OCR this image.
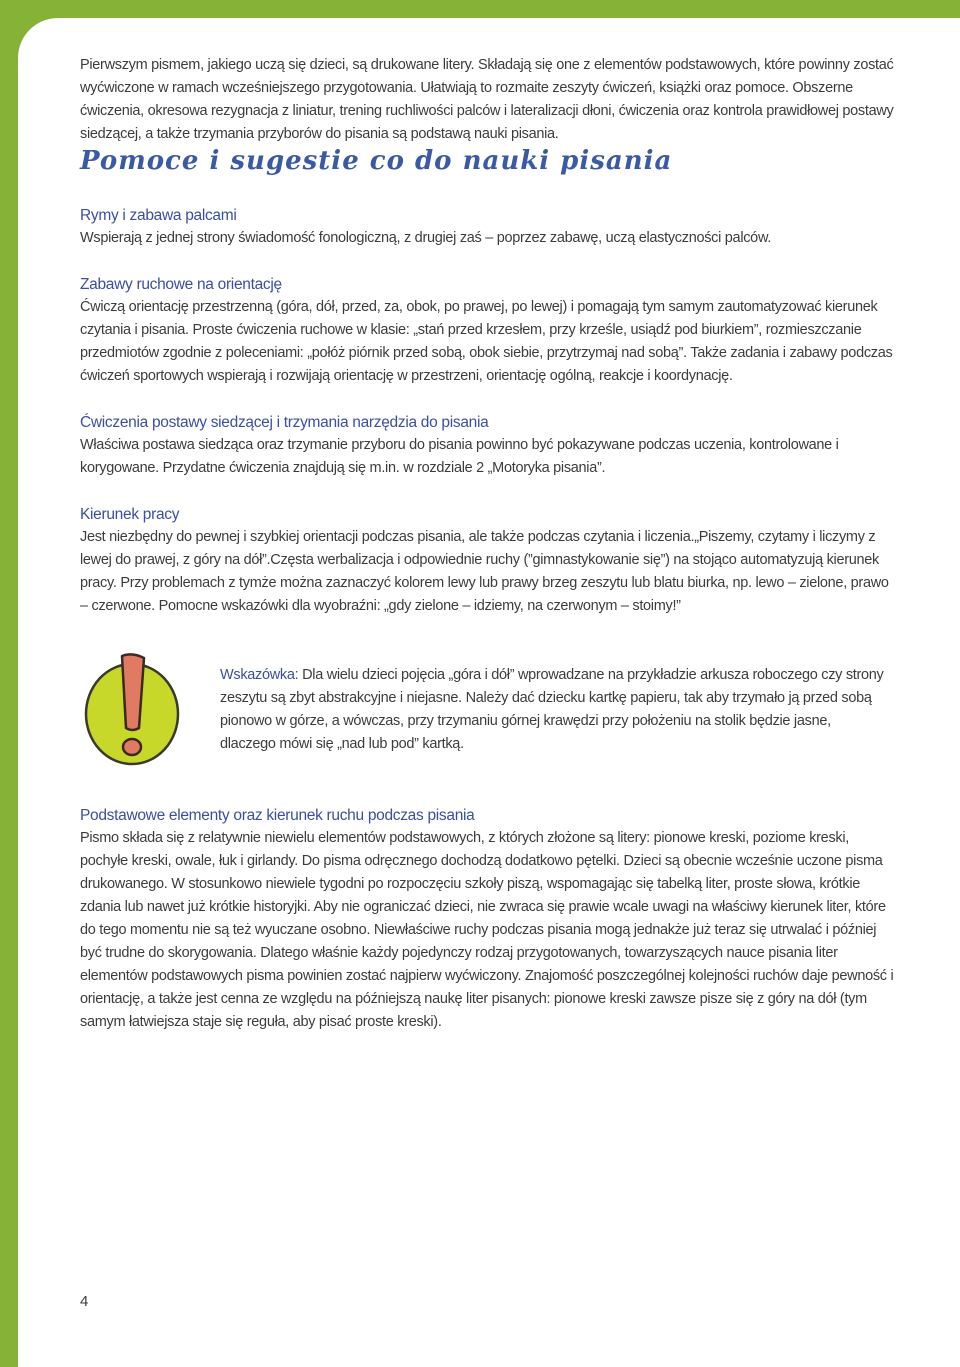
Pierwszym pismem, jakiego uczą się dzieci, są drukowane litery. Składają się one z elementów podstawowych, które powinny zostać wyćwiczone w ramach wcześniejszego przygotowania. Ułatwiają to rozmaite zeszyty ćwiczeń, książki oraz pomoce. Obszerne ćwiczenia, okresowa rezygnacja z liniatur, trening ruchliwości palców i lateralizacji dłoni, ćwiczenia oraz kontrola prawidłowej postawy siedzącej, a także trzymania przyborów do pisania są podstawą nauki pisania.

Pomoce i sugestie co do nauki pisania
Rymy i zabawa palcami

Wspierają z jednej strony świadomość fonologiczną, z drugiej zaś – poprzez zabawę, uczą elastyczności palców.

Zabawy ruchowe na orientację

Ćwiczą orientację przestrzenną (góra, dół, przed, za, obok, po prawej, po lewej) i pomagają tym samym zautomatyzować kierunek czytania i pisania. Proste ćwiczenia ruchowe w klasie: „stań przed krzesłem, przy krześle, usiądź pod biurkiem”, rozmieszczanie przedmiotów zgodnie z poleceniami: „połóż piórnik przed sobą, obok siebie, przytrzymaj nad sobą”. Także zadania i zabawy podczas ćwiczeń sportowych wspierają i rozwijają orientację w przestrzeni, orientację ogólną, reakcje i koordynację.

Ćwiczenia postawy siedzącej i trzymania narzędzia do pisania

Właściwa postawa siedząca oraz trzymanie przyboru do pisania powinno być pokazywane podczas uczenia, kontrolowane i korygowane. Przydatne ćwiczenia znajdują się m.in. w rozdziale 2 „Motoryka pisania”.

Kierunek pracy

Jest niezbędny do pewnej i szybkiej orientacji podczas pisania, ale także podczas czytania i liczenia.„Piszemy, czytamy i liczymy z lewej do prawej, z góry na dół”.Częsta werbalizacja i odpowiednie ruchy (”gimnastykowanie się”) na stojąco automatyzują kierunek pracy. Przy problemach z tymże można zaznaczyć kolorem lewy lub prawy brzeg zeszytu lub blatu biurka, np. lewo – zielone, prawo – czerwone. Pomocne wskazówki dla wyobraźni: „gdy zielone – idziemy, na czerwonym – stoimy!”

Wskazówka: Dla wielu dzieci pojęcia „góra i dół” wprowadzane na przykładzie arkusza roboczego czy strony zeszytu są zbyt abstrakcyjne i niejasne. Należy dać dziecku kartkę papieru, tak aby trzymało ją przed sobą pionowo w górze, a wówczas, przy trzymaniu górnej krawędzi przy położeniu na stolik będzie jasne, dlaczego mówi się „nad lub pod” kartką.

Podstawowe elementy oraz kierunek ruchu podczas pisania

Pismo składa się z relatywnie niewielu elementów podstawowych, z których złożone są litery: pionowe kreski, poziome kreski, pochyłe kreski, owale, łuk i girlandy. Do pisma odręcznego dochodzą dodatkowo pętelki. Dzieci są obecnie wcześnie uczone pisma drukowanego. W stosunkowo niewiele tygodni po rozpoczęciu szkoły piszą, wspomagając się tabelką liter, proste słowa, krótkie zdania lub nawet już krótkie historyjki. Aby nie ograniczać dzieci, nie zwraca się prawie wcale uwagi na właściwy kierunek liter, które do tego momentu nie są też wyuczane osobno. Niewłaściwe ruchy podczas pisania mogą jednakże już teraz się utrwalać i później być trudne do skorygowania. Dlatego właśnie każdy pojedynczy rodzaj przygotowanych, towarzyszących nauce pisania liter elementów podstawowych pisma powinien zostać najpierw wyćwiczony. Znajomość poszczególnej kolejności ruchów daje pewność i orientację, a także jest cenna ze względu na późniejszą naukę liter pisanych: pionowe kreski zawsze pisze się z góry na dół (tym samym łatwiejsza staje się reguła, aby pisać proste kreski).

4
